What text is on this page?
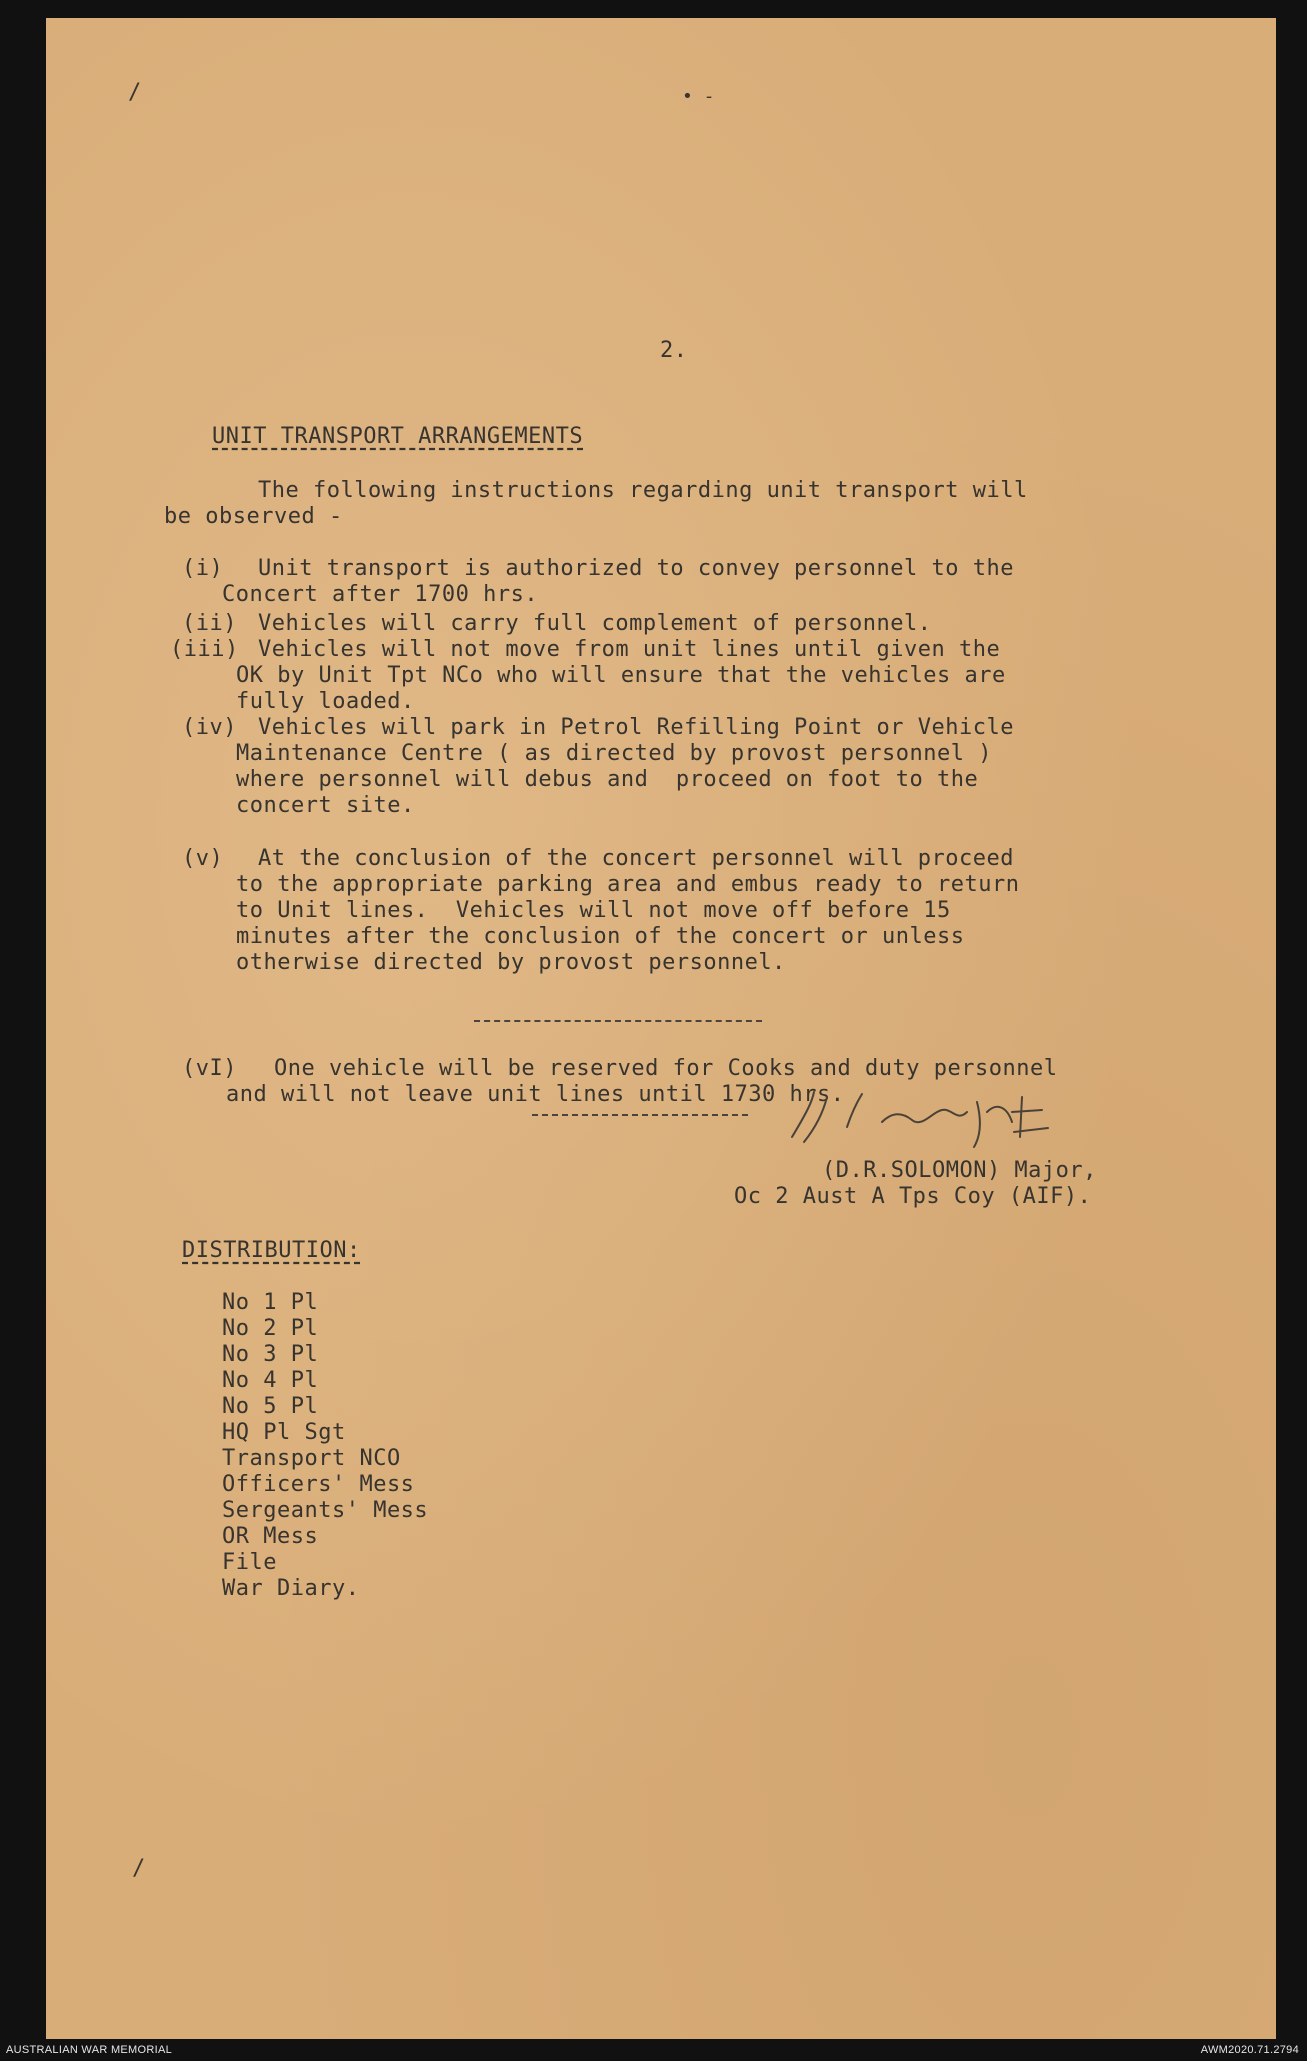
/	• -
2.
UNIT TRANSPORT ARRANGEMENTS
The following instructions regarding unit transport will
be observed -
(i) Unit transport is authorized to convey personnel to the
Concert after 1700 hrs.
(ii) Vehicles will carry full complement of personnel.
(iii) Vehicles will not move from unit lines until given the
OK by Unit Tpt NCo who will ensure that the vehicles are
fully loaded.
(iv) Vehicles will park in Petrol Refilling Point or Vehicle
Maintenance Centre ( as directed by provost personnel )
where personnel will debus and  proceed on foot to the
concert site.
(v) At the conclusion of the concert personnel will proceed
to the appropriate parking area and embus ready to return
to Unit lines.  Vehicles will not move off before 15
minutes after the conclusion of the concert or unless
otherwise directed by provost personnel.
(vI) One vehicle will be reserved for Cooks and duty personnel
and will not leave unit lines until 1730 hrs.
(D.R.SOLOMON) Major,
Oc 2 Aust A Tps Coy (AIF).
DISTRIBUTION:
No 1 Pl
No 2 Pl
No 3 Pl
No 4 Pl
No 5 Pl
HQ Pl Sgt
Transport NCO
Officers' Mess
Sergeants' Mess
OR Mess
File
War Diary.
/
AUSTRALIAN WAR MEMORIAL	AWM2020.71.2794
